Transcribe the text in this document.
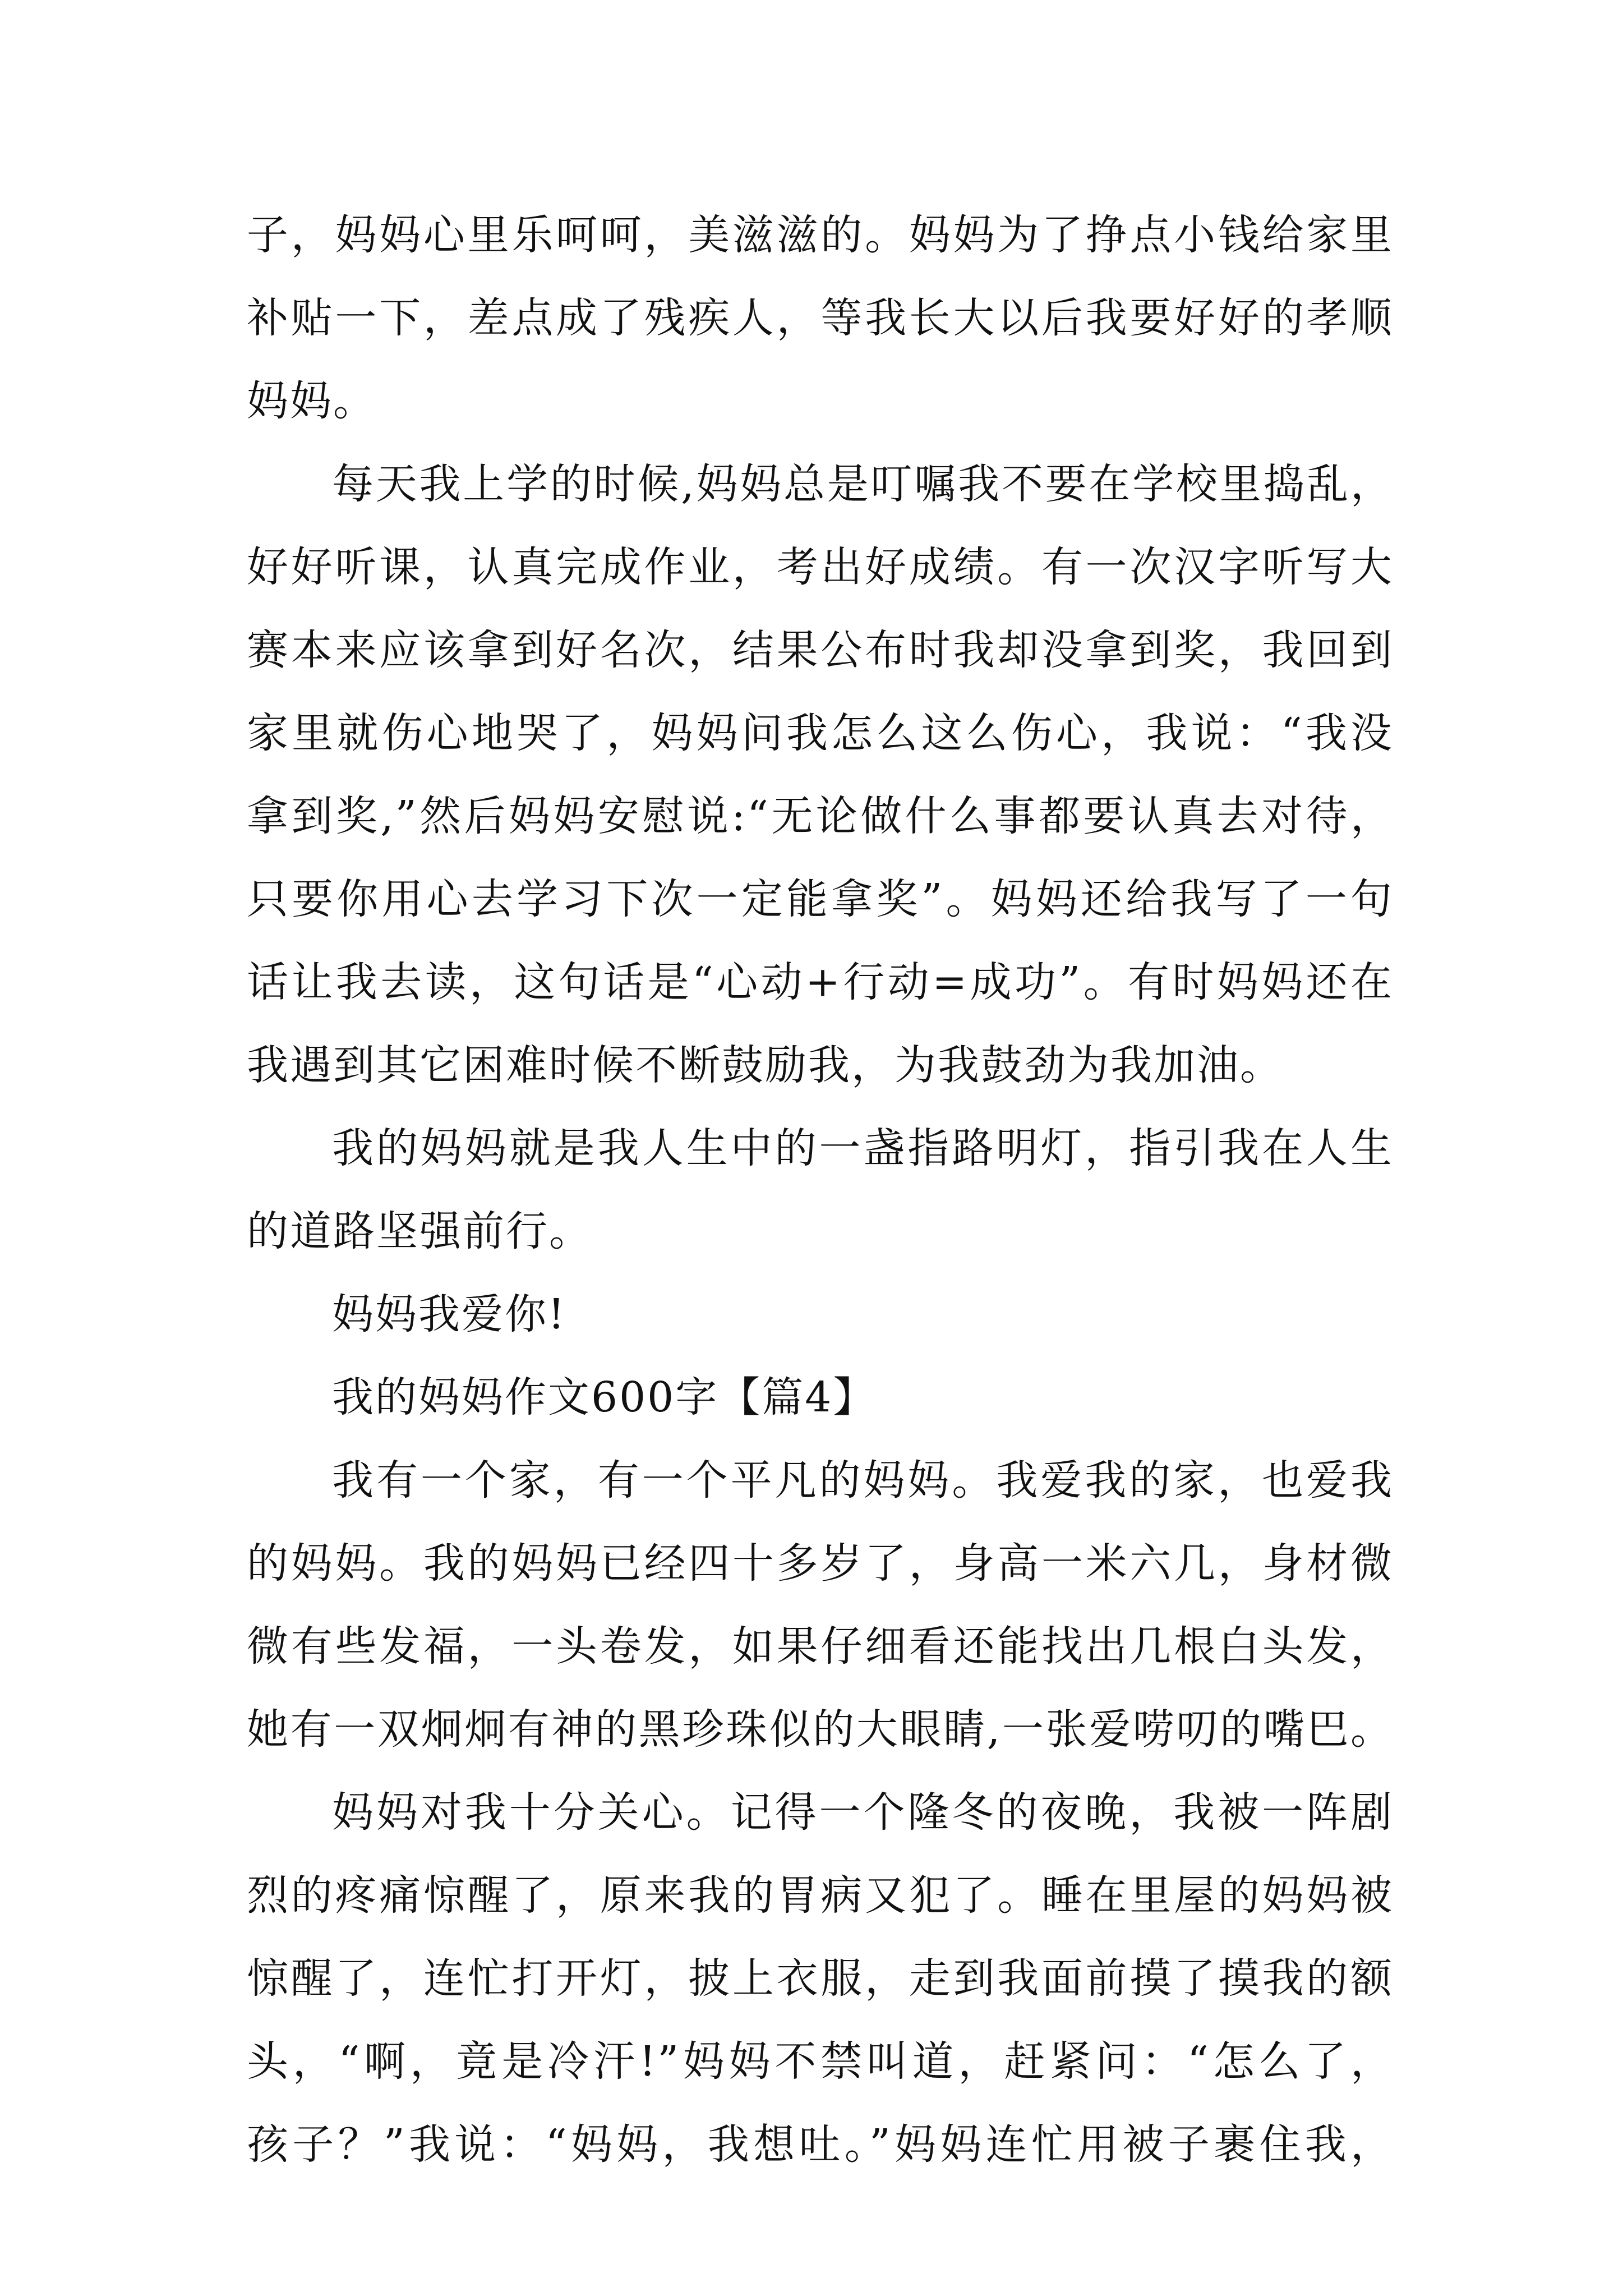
子，妈妈心里乐呵呵，美滋滋的。妈妈为了挣点小钱给家里
补贴一下，差点成了残疾人，等我长大以后我要好好的孝顺
妈妈。
每天我上学的时候,妈妈总是叮嘱我不要在学校里捣乱，
好好听课，认真完成作业，考出好成绩。有一次汉字听写大
赛本来应该拿到好名次，结果公布时我却没拿到奖，我回到
家里就伤心地哭了，妈妈问我怎么这么伤心，我说：“我没
拿到奖,”然后妈妈安慰说:“无论做什么事都要认真去对待，
只要你用心去学习下次一定能拿奖”。妈妈还给我写了一句
话让我去读，这句话是“心动+行动=成功”。有时妈妈还在
我遇到其它困难时候不断鼓励我，为我鼓劲为我加油。
我的妈妈就是我人生中的一盏指路明灯，指引我在人生
的道路坚强前行。
妈妈我爱你!
我的妈妈作文600字【篇4】
我有一个家，有一个平凡的妈妈。我爱我的家，也爱我
的妈妈。我的妈妈已经四十多岁了，身高一米六几，身材微
微有些发福，一头卷发，如果仔细看还能找出几根白头发，
她有一双炯炯有神的黑珍珠似的大眼睛,一张爱唠叨的嘴巴。
妈妈对我十分关心。记得一个隆冬的夜晚，我被一阵剧
烈的疼痛惊醒了，原来我的胃病又犯了。睡在里屋的妈妈被
惊醒了，连忙打开灯，披上衣服，走到我面前摸了摸我的额
头，“啊，竟是冷汗!”妈妈不禁叫道，赶紧问：“怎么了，
孩子？”我说：“妈妈，我想吐。”妈妈连忙用被子裹住我，
